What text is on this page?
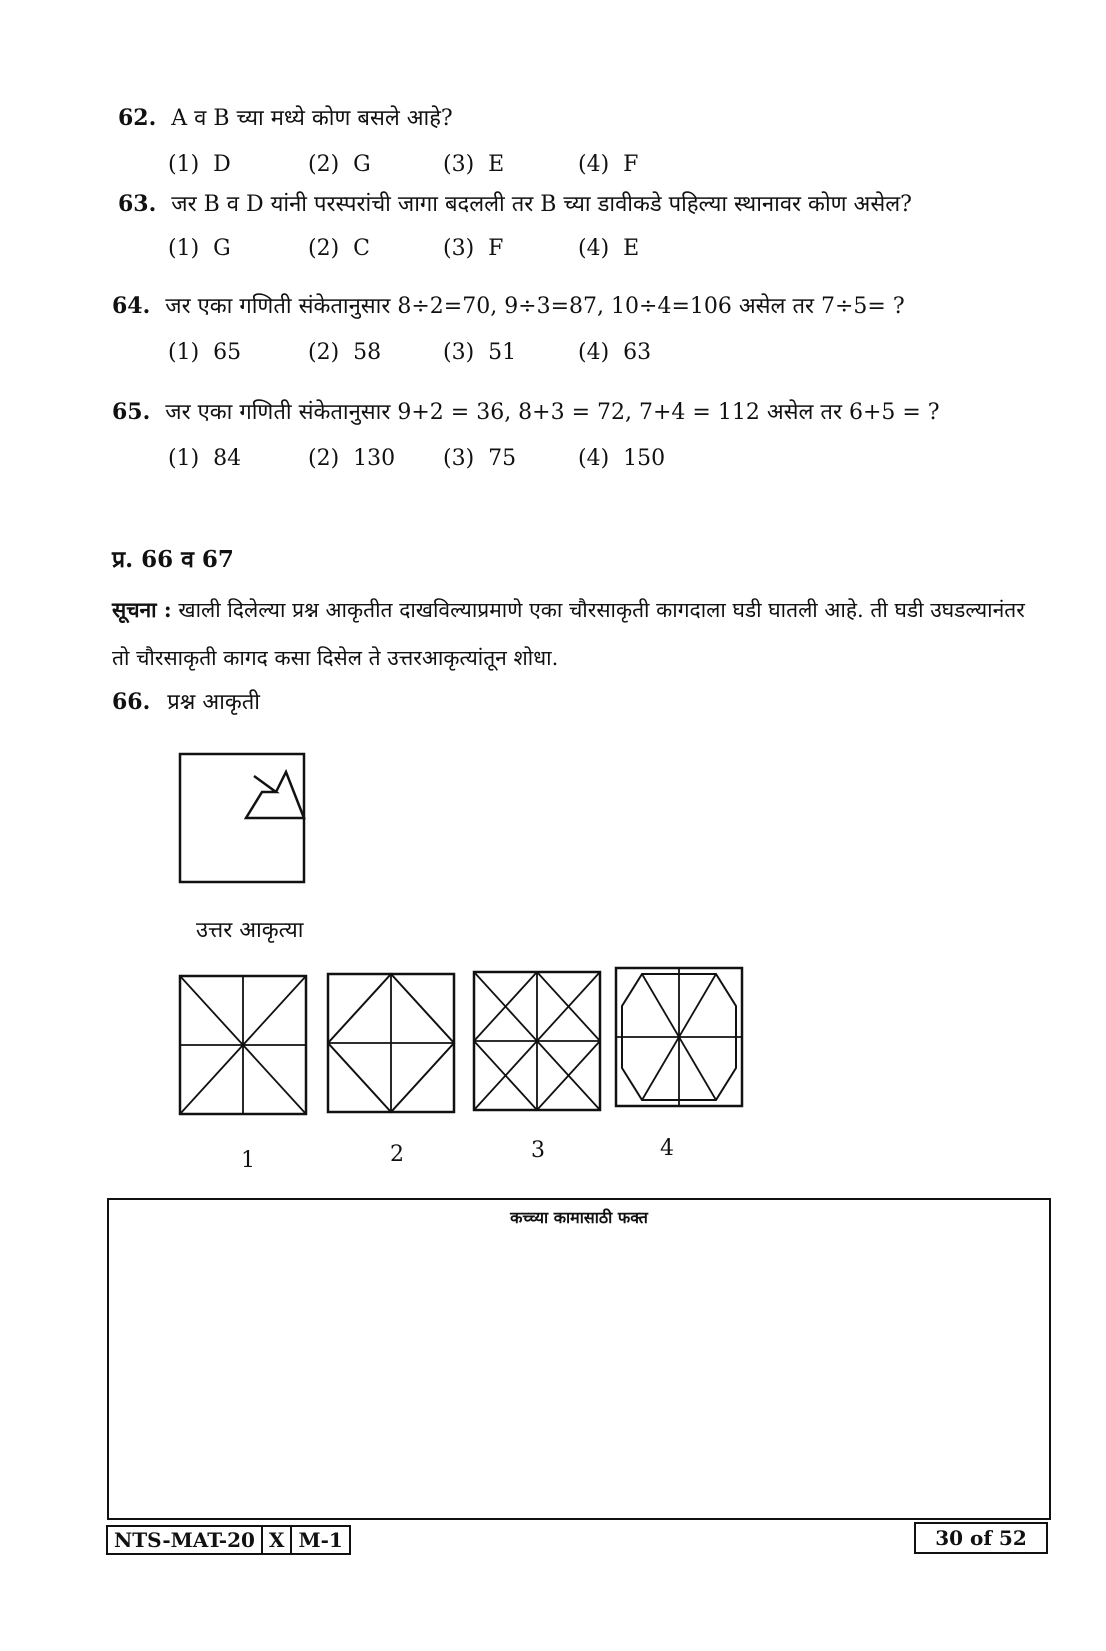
62. A व B च्या मध्ये कोण बसले आहे?
(1) D	(2) G	(3) E	(4) F
63. जर B व D यांनी परस्परांची जागा बदलली तर B च्या डावीकडे पहिल्या स्थानावर कोण असेल?
(1) G	(2) C	(3) F	(4) E
64. जर एका गणिती संकेतानुसार 8÷2=70, 9÷3=87, 10÷4=106 असेल तर 7÷5= ?
(1) 65	(2) 58	(3) 51	(4) 63
65. जर एका गणिती संकेतानुसार 9+2 = 36, 8+3 = 72, 7+4 = 112 असेल तर 6+5 = ?
(1) 84	(2) 130 (3) 75	(4) 150
प्र. 66 व 67
सूचना : खाली दिलेल्या प्रश्न आकृतीत दाखविल्याप्रमाणे एका चौरसाकृती कागदाला घडी घातली आहे. ती घडी उघडल्यानंतर
तो चौरसाकृती कागद कसा दिसेल ते उत्तरआकृत्यांतून शोधा.
66. प्रश्न आकृती
उत्तर आकृत्या
1	2	3	4
कच्च्या कामासाठी फक्त
NTS-MAT-20 X M-1	30 of 52
